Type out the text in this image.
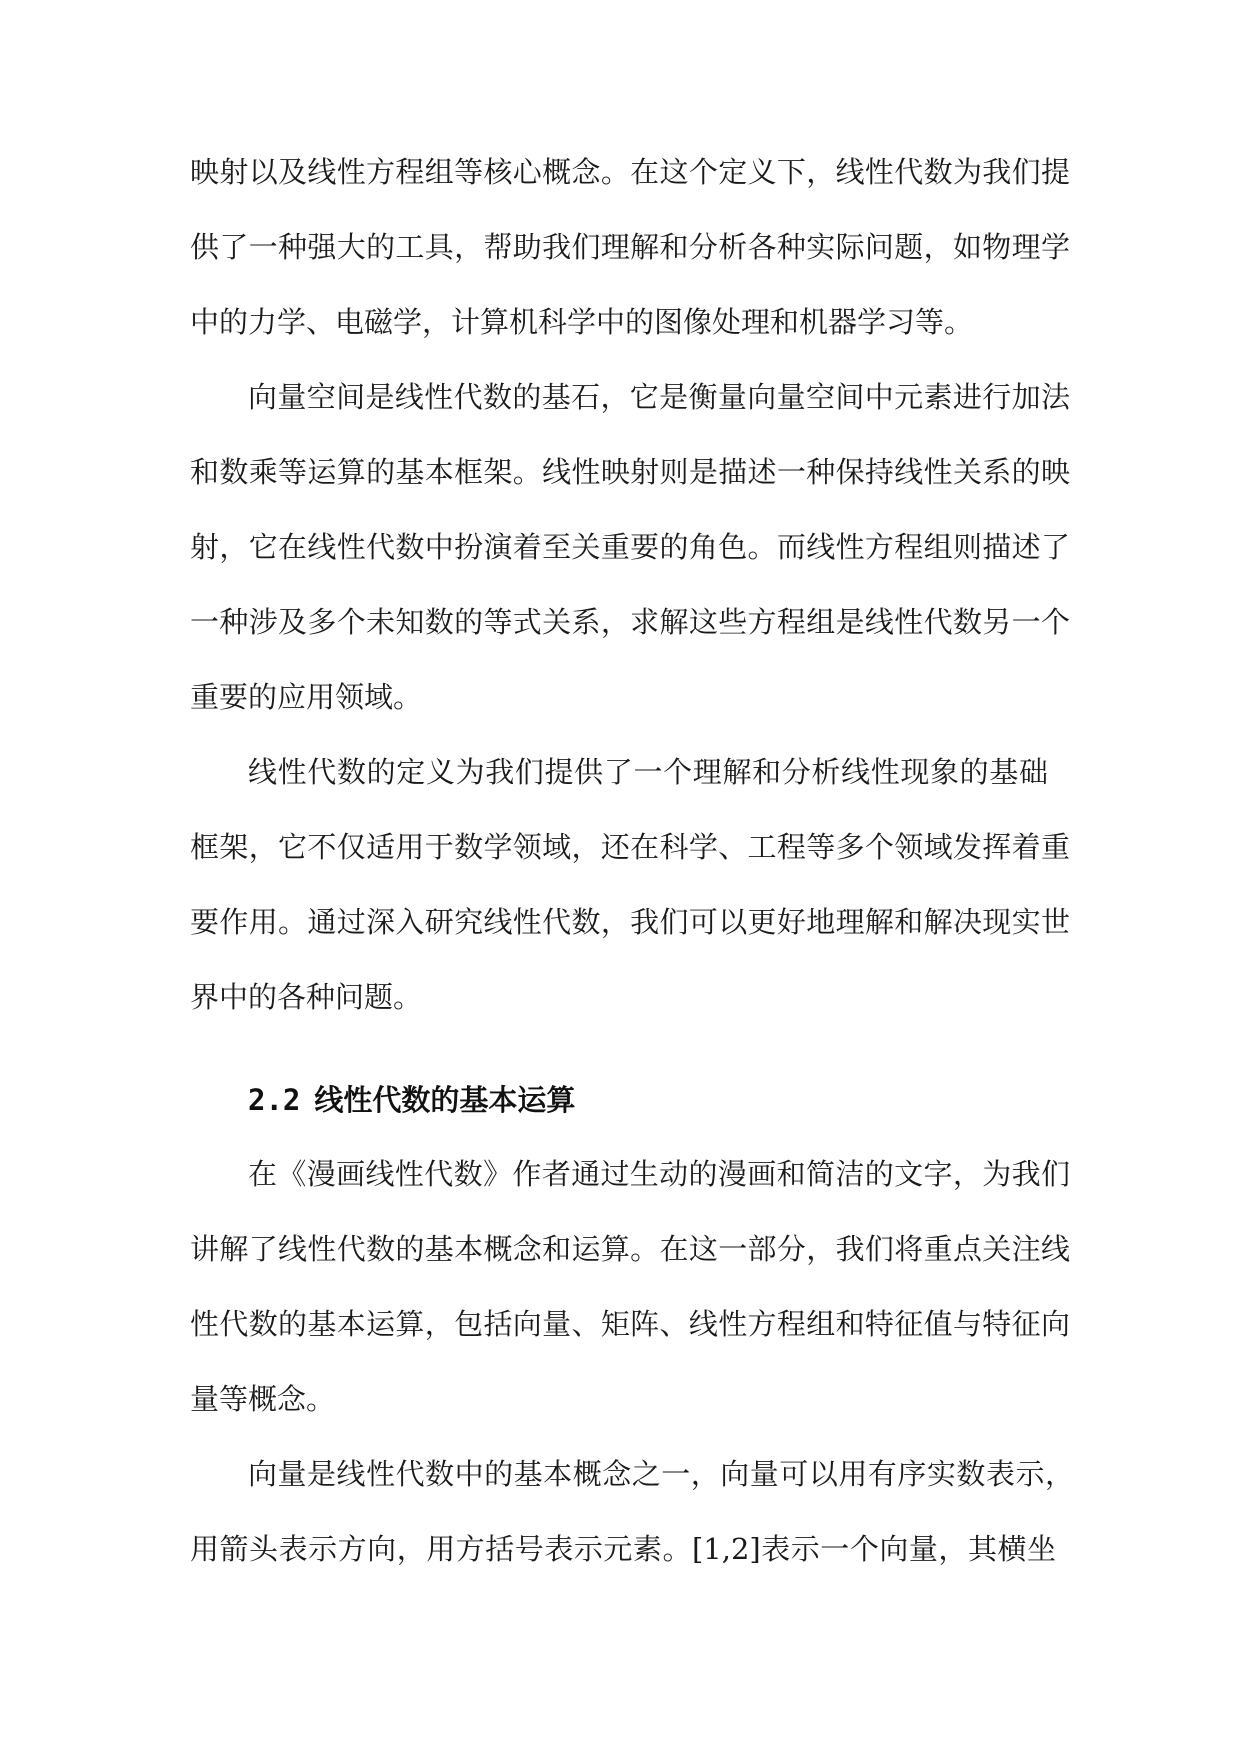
映射以及线性方程组等核心概念。在这个定义下，线性代数为我们提
供了一种强大的工具，帮助我们理解和分析各种实际问题，如物理学
中的力学、电磁学，计算机科学中的图像处理和机器学习等。
向量空间是线性代数的基石，它是衡量向量空间中元素进行加法
和数乘等运算的基本框架。线性映射则是描述一种保持线性关系的映
射，它在线性代数中扮演着至关重要的角色。而线性方程组则描述了
一种涉及多个未知数的等式关系，求解这些方程组是线性代数另一个
重要的应用领域。
线性代数的定义为我们提供了一个理解和分析线性现象的基础
框架，它不仅适用于数学领域，还在科学、工程等多个领域发挥着重
要作用。通过深入研究线性代数，我们可以更好地理解和解决现实世
界中的各种问题。
2.2 线性代数的基本运算
在《漫画线性代数》作者通过生动的漫画和简洁的文字，为我们
讲解了线性代数的基本概念和运算。在这一部分，我们将重点关注线
性代数的基本运算，包括向量、矩阵、线性方程组和特征值与特征向
量等概念。
向量是线性代数中的基本概念之一，向量可以用有序实数表示，
用箭头表示方向，用方括号表示元素。[1,2]表示一个向量，其横坐
